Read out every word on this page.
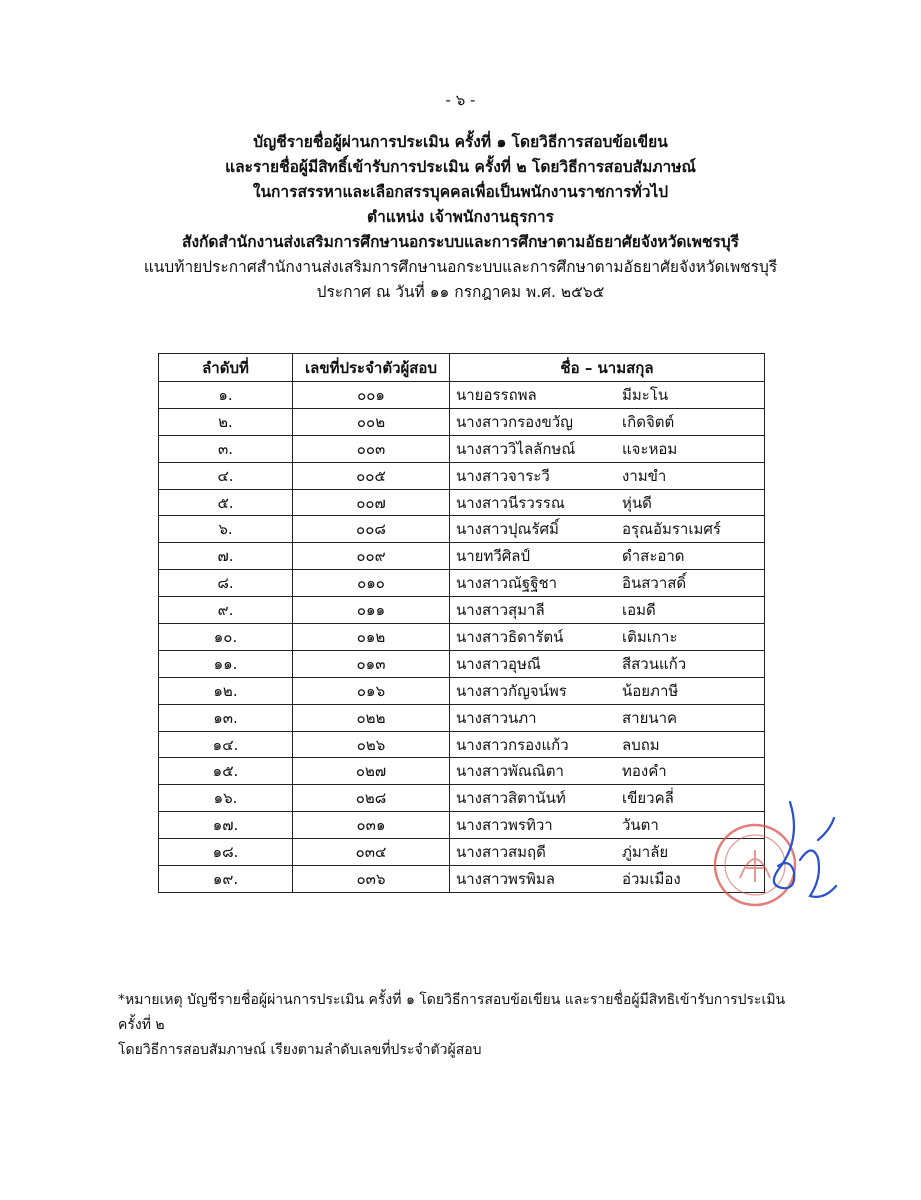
- ๖ -
บัญชีรายชื่อผู้ผ่านการประเมิน ครั้งที่ ๑ โดยวิธีการสอบข้อเขียน
และรายชื่อผู้มีสิทธิ์เข้ารับการประเมิน ครั้งที่ ๒ โดยวิธีการสอบสัมภาษณ์
ในการสรรหาและเลือกสรรบุคคลเพื่อเป็นพนักงานราชการทั่วไป
ตำแหน่ง เจ้าพนักงานธุรการ
สังกัดสำนักงานส่งเสริมการศึกษานอกระบบและการศึกษาตามอัธยาศัยจังหวัดเพชรบุรี
แนบท้ายประกาศสำนักงานส่งเสริมการศึกษานอกระบบและการศึกษาตามอัธยาศัยจังหวัดเพชรบุรี
ประกาศ ณ วันที่ ๑๑ กรกฎาคม พ.ศ. ๒๕๖๕
ลำดับที่	เลขที่ประจำตัวผู้สอบ	ชื่อ – นามสกุล
๑.	๐๐๑	นายอรรถพล มีมะโน
๒.	๐๐๒	นางสาวกรองขวัญ เกิดจิตต์
๓.	๐๐๓	นางสาววิไลลักษณ์ แจะหอม
๔.	๐๐๕	นางสาวจาระวี งามขำ
๕.	๐๐๗	นางสาวนีรวรรณ หุ่นดี
๖.	๐๐๘	นางสาวปุณรัศมิ์ อรุณอัมราเมศร์
๗.	๐๐๙	นายทวีศิลป์ ดำสะอาด
๘.	๐๑๐	นางสาวณัฐฐิชา อินสวาสดิ์
๙.	๐๑๑	นางสาวสุมาลี เอมดี
๑๐.	๐๑๒	นางสาวธิดารัตน์ เติมเกาะ
๑๑.	๐๑๓	นางสาวอุษณี สีสวนแก้ว
๑๒.	๐๑๖	นางสาวกัญจน์พร น้อยภาษี
๑๓.	๐๒๒	นางสาวนภา สายนาค
๑๔.	๐๒๖	นางสาวกรองแก้ว ลบถม
๑๕.	๐๒๗	นางสาวพัณณิตา ทองคำ
๑๖.	๐๒๘	นางสาวสิตานันท์ เขียวคลี่
๑๗.	๐๓๑	นางสาวพรทิวา วันตา
๑๘.	๐๓๔	นางสาวสมฤดี ภู่มาลัย
๑๙.	๐๓๖	นางสาวพรพิมล อ่วมเมือง
*หมายเหตุ บัญชีรายชื่อผู้ผ่านการประเมิน ครั้งที่ ๑ โดยวิธีการสอบข้อเขียน และรายชื่อผู้มีสิทธิเข้ารับการประเมิน ครั้งที่ ๒
โดยวิธีการสอบสัมภาษณ์ เรียงตามลำดับเลขที่ประจำตัวผู้สอบ
